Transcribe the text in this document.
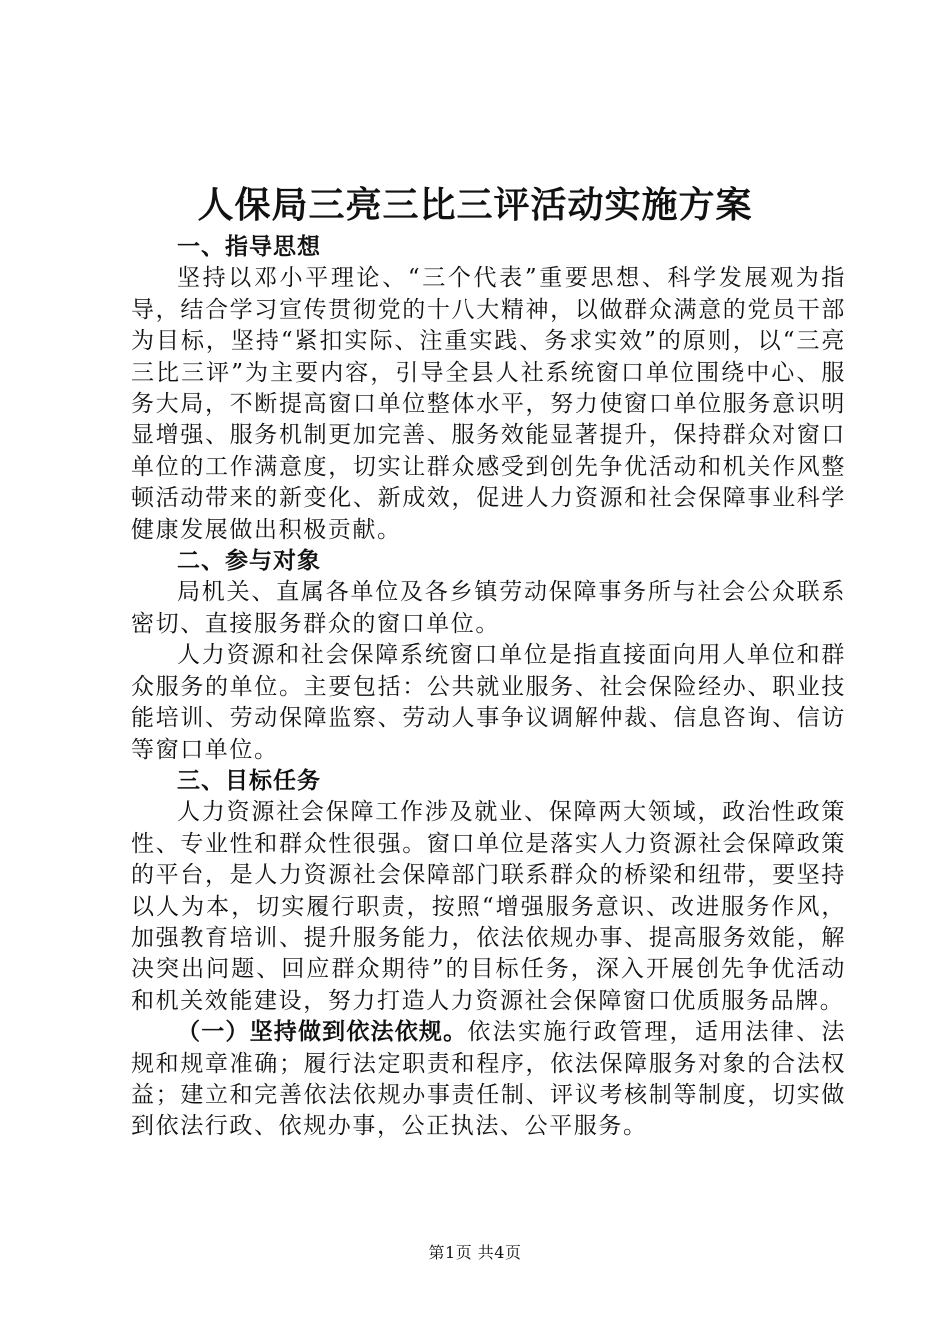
人保局三亮三比三评活动实施方案

一、指导思想

坚持以邓小平理论、“三个代表”重要思想、科学发展观为指导，结合学习宣传贯彻党的十八大精神，以做群众满意的党员干部为目标，坚持“紧扣实际、注重实践、务求实效”的原则，以“三亮三比三评”为主要内容，引导全县人社系统窗口单位围绕中心、服务大局，不断提高窗口单位整体水平，努力使窗口单位服务意识明显增强、服务机制更加完善、服务效能显著提升，保持群众对窗口单位的工作满意度，切实让群众感受到创先争优活动和机关作风整顿活动带来的新变化、新成效，促进人力资源和社会保障事业科学健康发展做出积极贡献。

二、参与对象

局机关、直属各单位及各乡镇劳动保障事务所与社会公众联系密切、直接服务群众的窗口单位。

人力资源和社会保障系统窗口单位是指直接面向用人单位和群众服务的单位。主要包括：公共就业服务、社会保险经办、职业技能培训、劳动保障监察、劳动人事争议调解仲裁、信息咨询、信访等窗口单位。

三、目标任务

人力资源社会保障工作涉及就业、保障两大领域，政治性政策性、专业性和群众性很强。窗口单位是落实人力资源社会保障政策的平台，是人力资源社会保障部门联系群众的桥梁和纽带，要坚持以人为本，切实履行职责，按照“增强服务意识、改进服务作风，加强教育培训、提升服务能力，依法依规办事、提高服务效能，解决突出问题、回应群众期待”的目标任务，深入开展创先争优活动和机关效能建设，努力打造人力资源社会保障窗口优质服务品牌。

（一）坚持做到依法依规。依法实施行政管理，适用法律、法规和规章准确；履行法定职责和程序，依法保障服务对象的合法权益；建立和完善依法依规办事责任制、评议考核制等制度，切实做到依法行政、依规办事，公正执法、公平服务。

第1页 共4页
